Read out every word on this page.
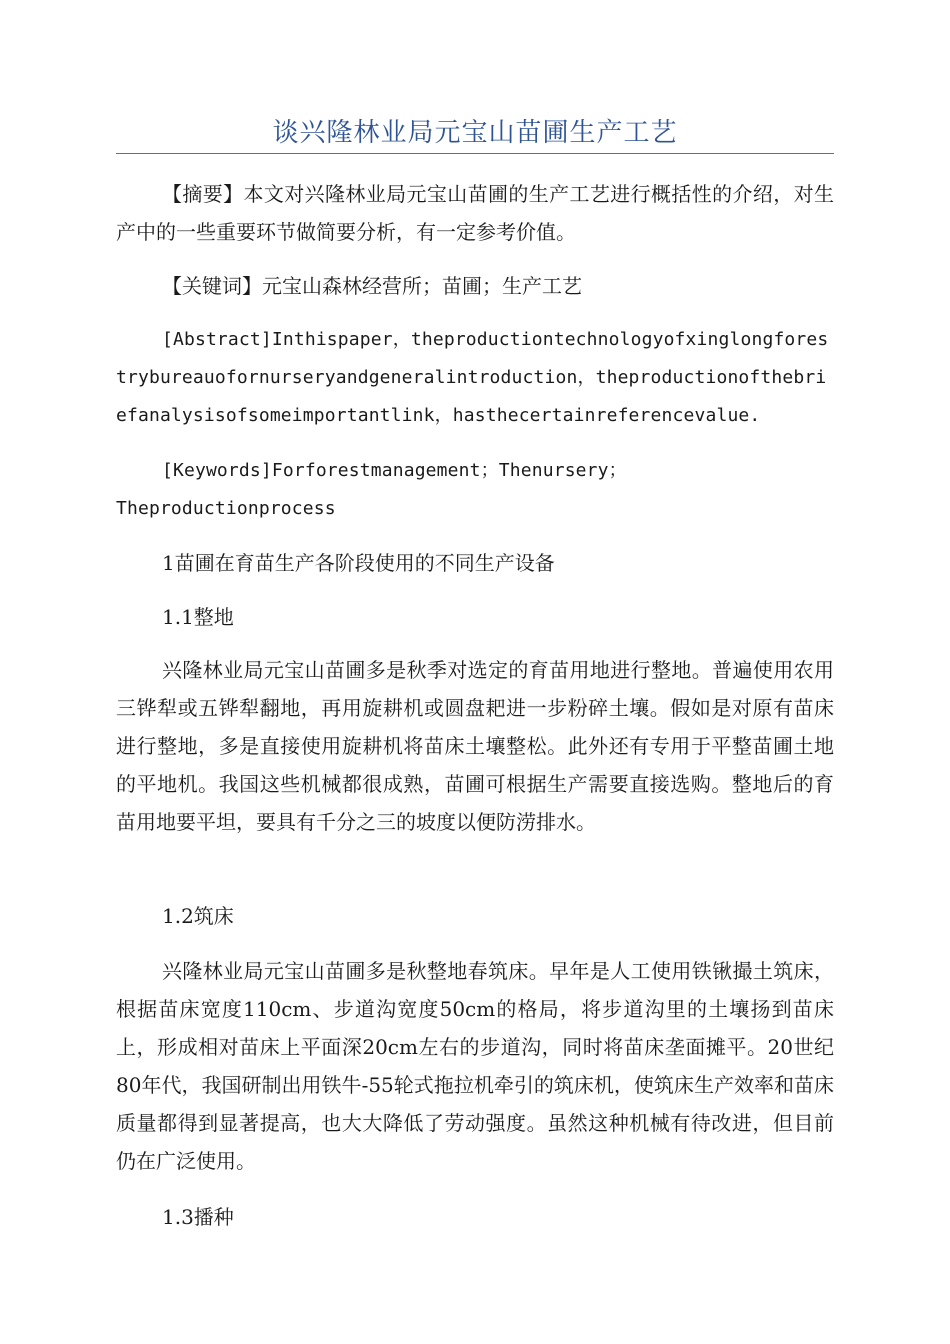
谈兴隆林业局元宝山苗圃生产工艺

【摘要】本文对兴隆林业局元宝山苗圃的生产工艺进行概括性的介绍，对生产中的一些重要环节做简要分析，有一定参考价值。

【关键词】元宝山森林经营所；苗圃；生产工艺

[Abstract]Inthispaper，theproductiontechnologyofxinglongforestrybureauofornurseryandgeneralintroduction，theproductionofthebriefanalysisofsomeimportantlink，hasthecertainreferencevalue.

[Keywords]Forforestmanagement；Thenursery；

Theproductionprocess

1苗圃在育苗生产各阶段使用的不同生产设备

1.1整地

兴隆林业局元宝山苗圃多是秋季对选定的育苗用地进行整地。普遍使用农用三铧犁或五铧犁翻地，再用旋耕机或圆盘耙进一步粉碎土壤。假如是对原有苗床进行整地，多是直接使用旋耕机将苗床土壤整松。此外还有专用于平整苗圃土地的平地机。我国这些机械都很成熟，苗圃可根据生产需要直接选购。整地后的育苗用地要平坦，要具有千分之三的坡度以便防涝排水。

1.2筑床

兴隆林业局元宝山苗圃多是秋整地春筑床。早年是人工使用铁锹撮土筑床，根据苗床宽度110cm、步道沟宽度50cm的格局，将步道沟里的土壤扬到苗床上，形成相对苗床上平面深20cm左右的步道沟，同时将苗床垄面摊平。20世纪80年代，我国研制出用铁牛-55轮式拖拉机牵引的筑床机，使筑床生产效率和苗床质量都得到显著提高，也大大降低了劳动强度。虽然这种机械有待改进，但目前仍在广泛使用。

1.3播种
